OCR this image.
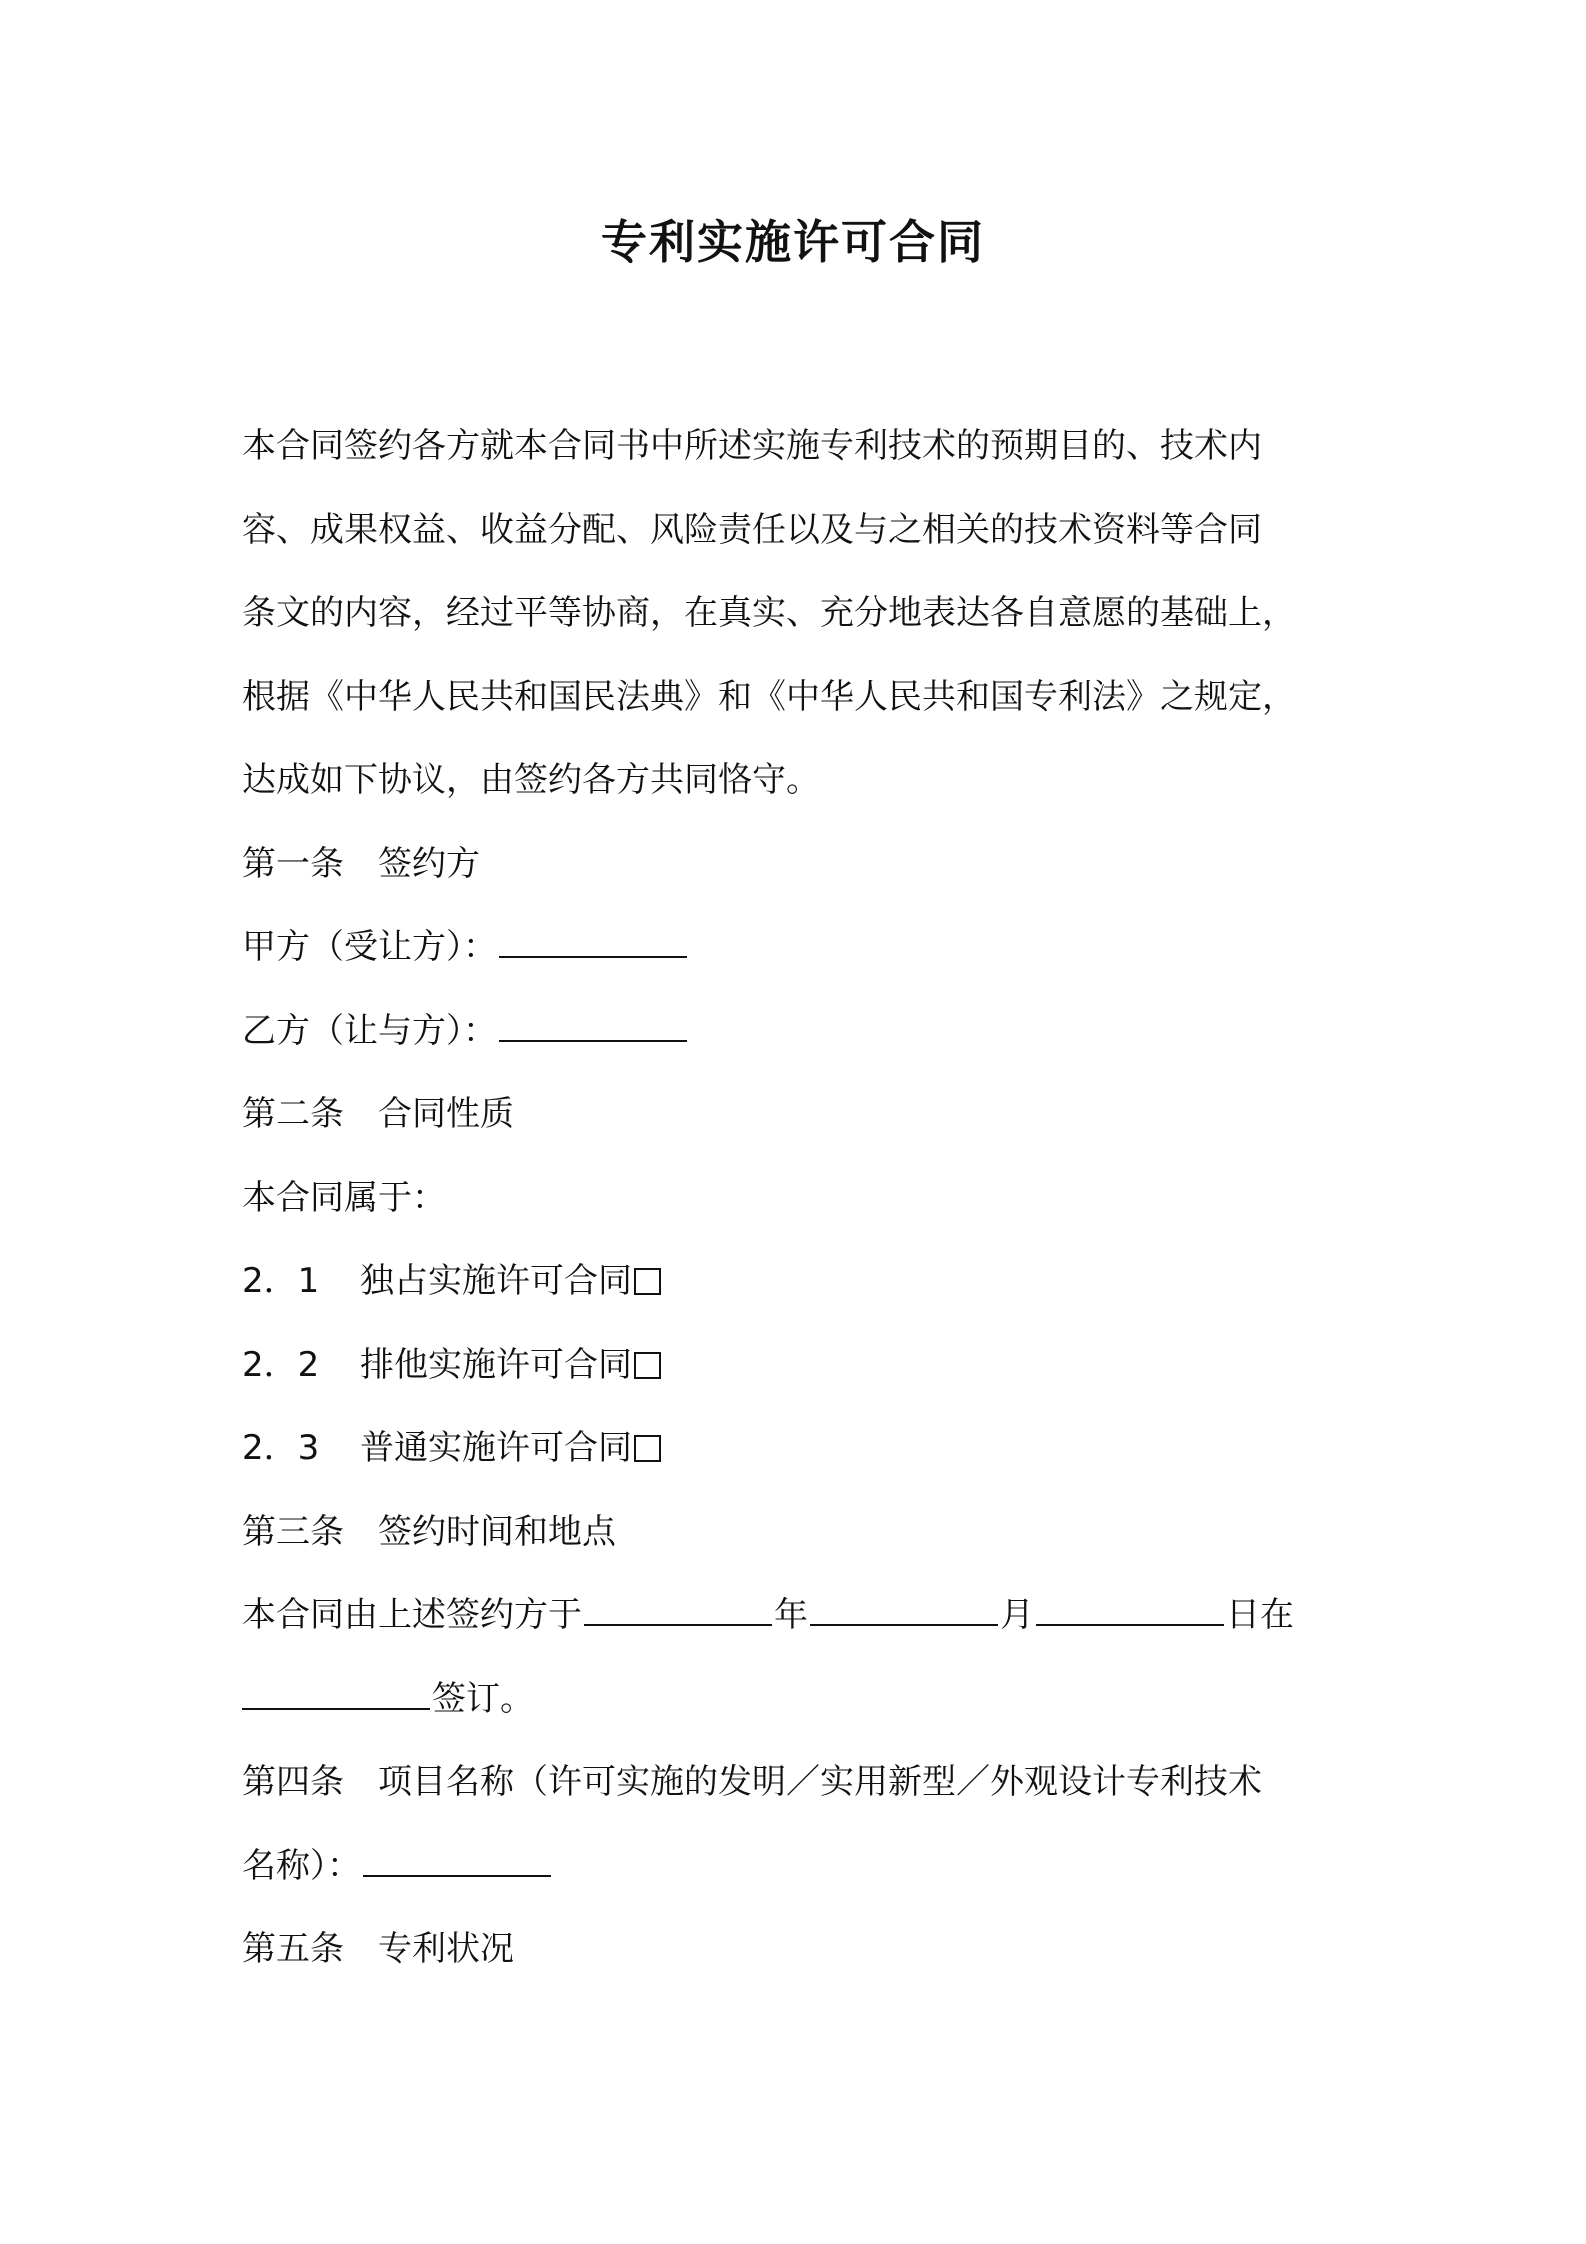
专利实施许可合同
本合同签约各方就本合同书中所述实施专利技术的预期目的、技术内
容、成果权益、收益分配、风险责任以及与之相关的技术资料等合同
条文的内容，经过平等协商，在真实、充分地表达各自意愿的基础上，
根据《中华人民共和国民法典》和《中华人民共和国专利法》之规定，
达成如下协议，由签约各方共同恪守。
第一条 签约方
甲方（受让方）：
乙方（让与方）：
第二条 合同性质
本合同属于：
2．1 独占实施许可合同
2．2 排他实施许可合同
2．3 普通实施许可合同
第三条 签约时间和地点
本合同由上述签约方于	年	月	日在
签订。
第四条 项目名称（许可实施的发明／实用新型／外观设计专利技术
名称）：
第五条 专利状况
